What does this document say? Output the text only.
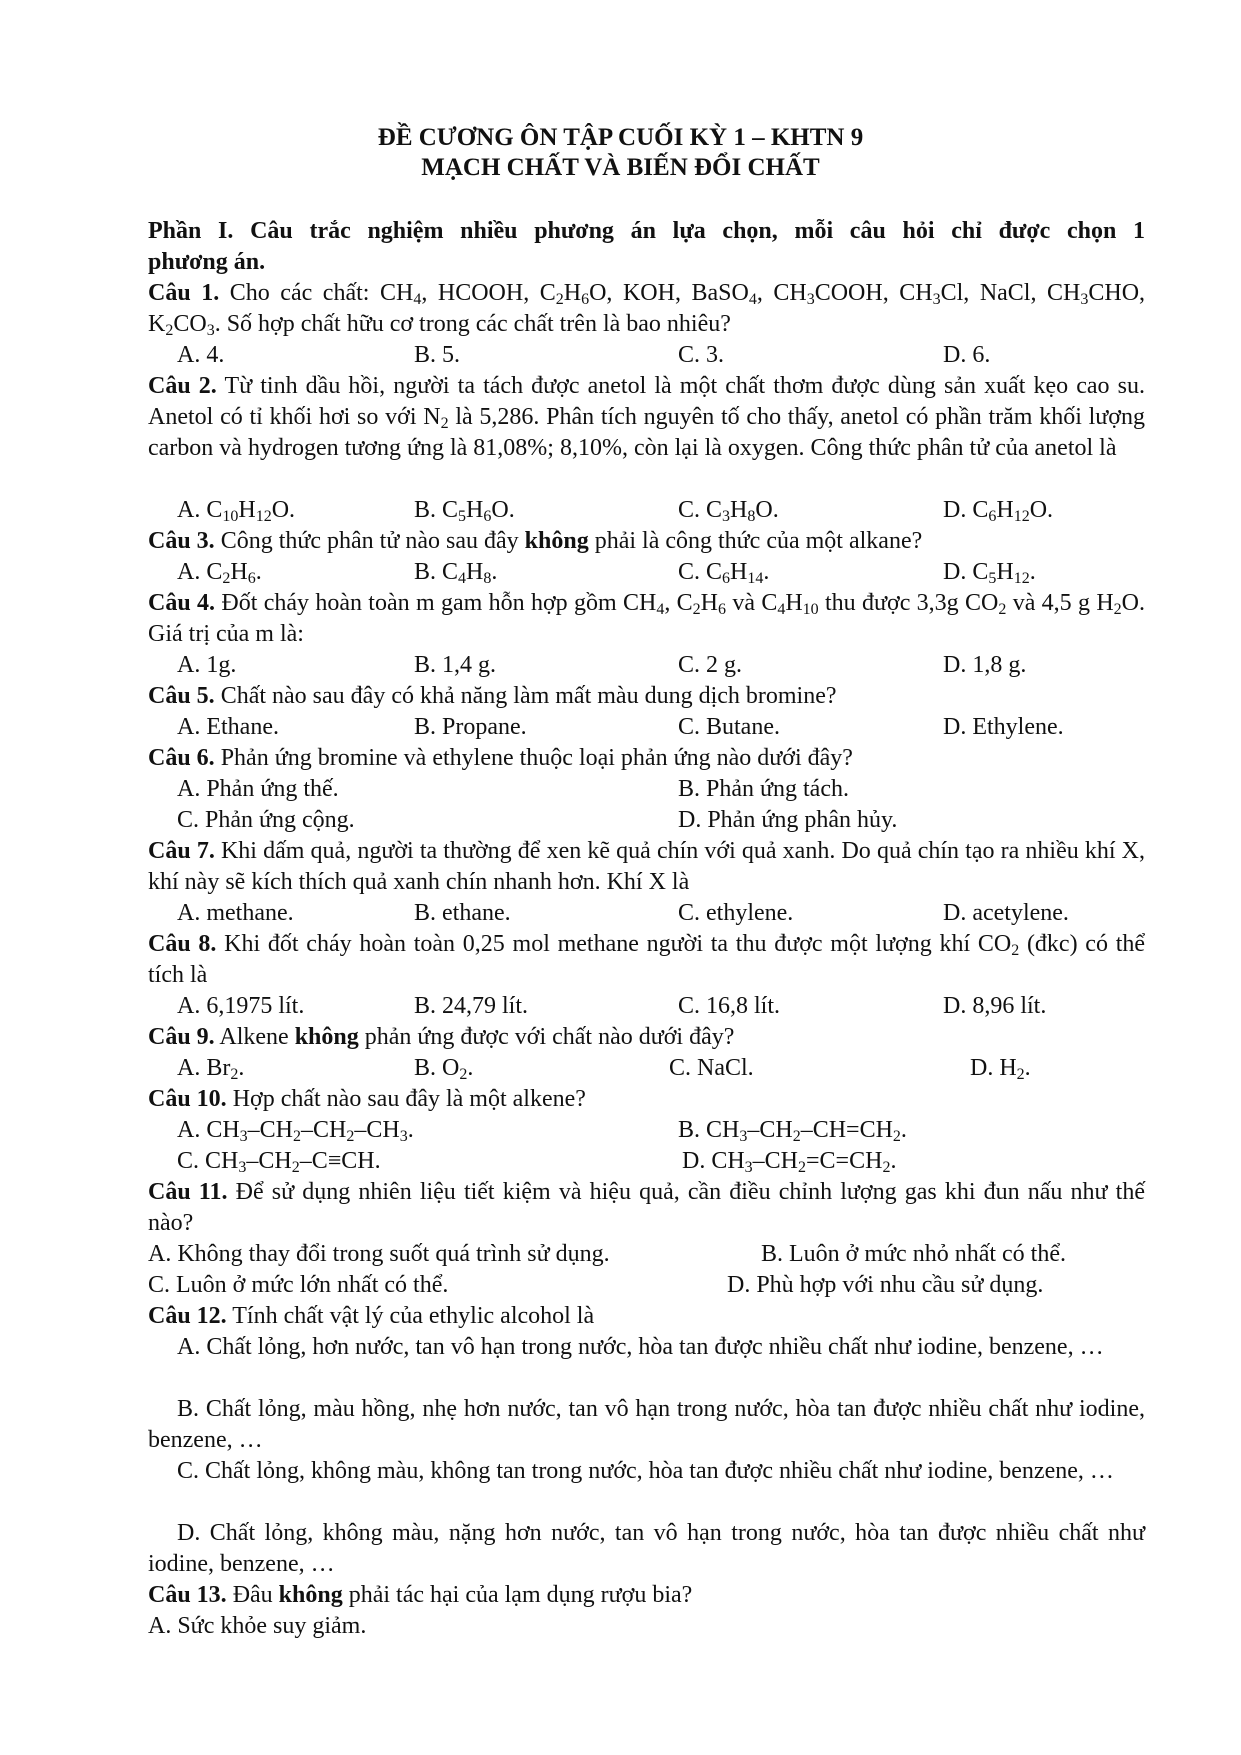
ĐỀ CƯƠNG ÔN TẬP CUỐI KỲ 1 – KHTN 9
MẠCH CHẤT VÀ BIẾN ĐỔI CHẤT
Phần I. Câu trắc nghiệm nhiều phương án lựa chọn, mỗi câu hỏi chỉ được chọn 1
phương án.
Câu 1. Cho các chất: $CH_4$, HCOOH, $C_2H_6O$, KOH, BaSO$_4$, $CH_3COOH$, $CH_3Cl$, NaCl, $CH_3CHO$, $K_2CO_3$. Số hợp chất hữu cơ trong các chất trên là bao nhiêu?
A. 4.	B. 5.	C. 3.	D. 6.
Câu 2. Từ tinh dầu hồi, người ta tách được anetol là một chất thơm được dùng sản xuất kẹo cao su. Anetol có tỉ khối hơi so với $N_2$ là 5,286. Phân tích nguyên tố cho thấy, anetol có phần trăm khối lượng carbon và hydrogen tương ứng là 81,08%; 8,10%, còn lại là oxygen. Công thức phân tử của anetol là
A. $C_{10}H_{12}O$.	B. $C_5H_6O$.	C. $C_3H_8O$.	D. $C_6H_{12}O$.
Câu 3. Công thức phân tử nào sau đây không phải là công thức của một alkane?
A. $C_2H_6$.	B. $C_4H_8$.	C. $C_6H_{14}$.	D. $C_5H_{12}$.
Câu 4. Đốt cháy hoàn toàn m gam hỗn hợp gồm $CH_4$, $C_2H_6$ và $C_4H_{10}$ thu được 3,3g $CO_2$ và 4,5 g $H_2O$. Giá trị của m là:
A. 1g.	B. 1,4 g.	C. 2 g.	D. 1,8 g.
Câu 5. Chất nào sau đây có khả năng làm mất màu dung dịch bromine?
A. Ethane.	B. Propane.	C. Butane.	D. Ethylene.
Câu 6. Phản ứng bromine và ethylene thuộc loại phản ứng nào dưới đây?
A. Phản ứng thế.	B. Phản ứng tách.
C. Phản ứng cộng.	D. Phản ứng phân hủy.
Câu 7. Khi dấm quả, người ta thường để xen kẽ quả chín với quả xanh. Do quả chín tạo ra nhiều khí X, khí này sẽ kích thích quả xanh chín nhanh hơn. Khí X là
A. methane.	B. ethane.	C. ethylene.	D. acetylene.
Câu 8. Khi đốt cháy hoàn toàn 0,25 mol methane người ta thu được một lượng khí $CO_2$ (đkc) có thể tích là
A. 6,1975 lít.	B. 24,79 lít.	C. 16,8 lít.	D. 8,96 lít.
Câu 9. Alkene không phản ứng được với chất nào dưới đây?
A. $Br_2$.	B. $O_2$.	C. NaCl.	D. $H_2$.
Câu 10. Hợp chất nào sau đây là một alkene?
A. $CH_3-CH_2-CH_2-CH_3$.	B. $CH_3-CH_2-CH=CH_2$.
C. $CH_3-CH_2-C\equiv CH$.	D. $CH_3-CH_2=C=CH_2$.
Câu 11. Để sử dụng nhiên liệu tiết kiệm và hiệu quả, cần điều chỉnh lượng gas khi đun nấu như thế nào?
A. Không thay đổi trong suốt quá trình sử dụng.	B. Luôn ở mức nhỏ nhất có thể.
C. Luôn ở mức lớn nhất có thể.	D. Phù hợp với nhu cầu sử dụng.
Câu 12. Tính chất vật lý của ethylic alcohol là
A. Chất lỏng, hơn nước, tan vô hạn trong nước, hòa tan được nhiều chất như iodine, benzene, …
B. Chất lỏng, màu hồng, nhẹ hơn nước, tan vô hạn trong nước, hòa tan được nhiều chất như iodine, benzene, …
C. Chất lỏng, không màu, không tan trong nước, hòa tan được nhiều chất như iodine, benzene, …
D. Chất lỏng, không màu, nặng hơn nước, tan vô hạn trong nước, hòa tan được nhiều chất như iodine, benzene, …
Câu 13. Đâu không phải tác hại của lạm dụng rượu bia?
A. Sức khỏe suy giảm.
